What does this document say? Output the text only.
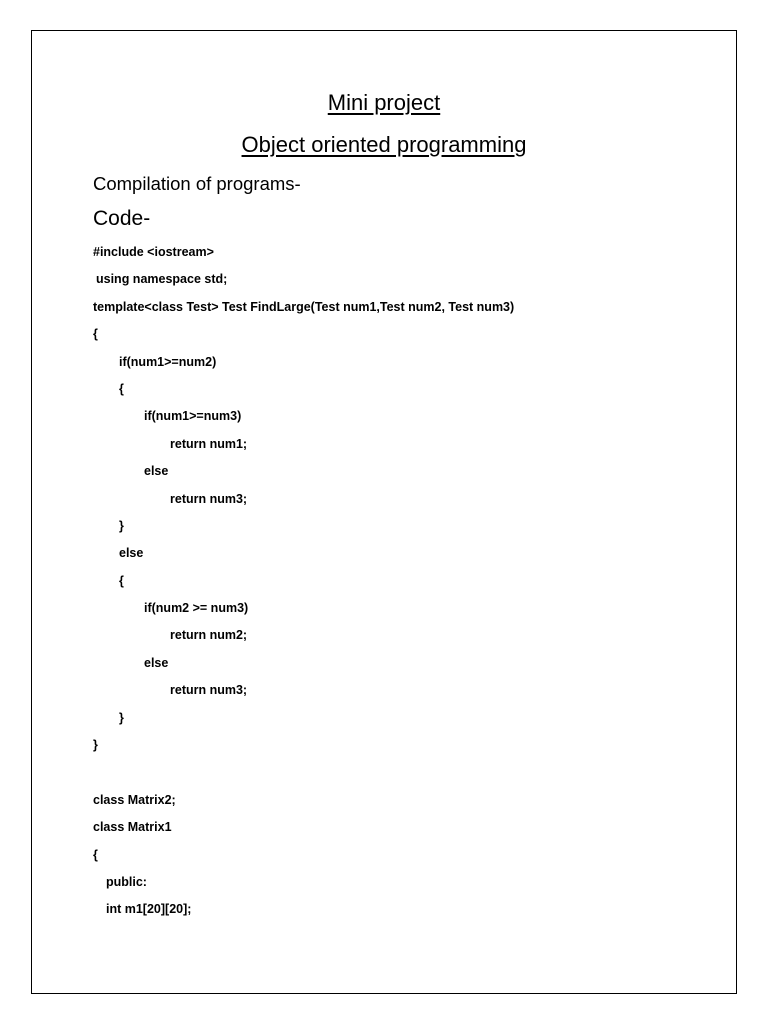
Mini project
Object oriented programming
Compilation of programs-
Code-
#include <iostream>
using namespace std;
template<class Test> Test FindLarge(Test num1,Test num2, Test num3)
{
if(num1>=num2)
{
if(num1>=num3)
return num1;
else
return num3;
}
else
{
if(num2 >= num3)
return num2;
else
return num3;
}
}
class Matrix2;
class Matrix1
{
public:
int m1[20][20];
